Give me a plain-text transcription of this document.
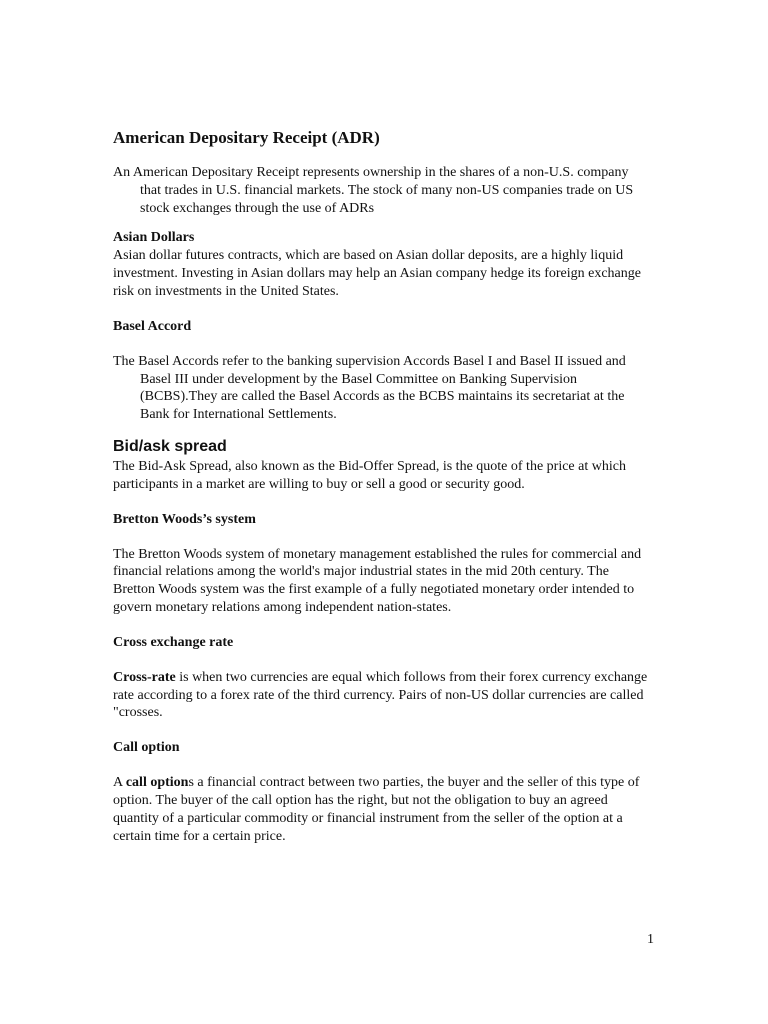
American Depositary Receipt (ADR)

An American Depositary Receipt represents ownership in the shares of a non-U.S. company that trades in U.S. financial markets. The stock of many non-US companies trade on US stock exchanges through the use of ADRs

Asian Dollars

Asian dollar futures contracts, which are based on Asian dollar deposits, are a highly liquid investment. Investing in Asian dollars may help an Asian company hedge its foreign exchange risk on investments in the United States.

Basel Accord

The Basel Accords refer to the banking supervision Accords Basel I and Basel II issued and Basel III under development by the Basel Committee on Banking Supervision (BCBS).They are called the Basel Accords as the BCBS maintains its secretariat at the Bank for International Settlements.

Bid/ask spread

The Bid-Ask Spread, also known as the Bid-Offer Spread, is the quote of the price at which participants in a market are willing to buy or sell a good or security good.

Bretton Woods’s system

The Bretton Woods system of monetary management established the rules for commercial and financial relations among the world's major industrial states in the mid 20th century. The Bretton Woods system was the first example of a fully negotiated monetary order intended to govern monetary relations among independent nation-states.

Cross exchange rate

Cross-rate is when two currencies are equal which follows from their forex currency exchange rate according to a forex rate of the third currency. Pairs of non-US dollar currencies are called "crosses.

Call option

A call options a financial contract between two parties, the buyer and the seller of this type of option. The buyer of the call option has the right, but not the obligation to buy an agreed quantity of a particular commodity or financial instrument from the seller of the option at a certain time for a certain price.

1
